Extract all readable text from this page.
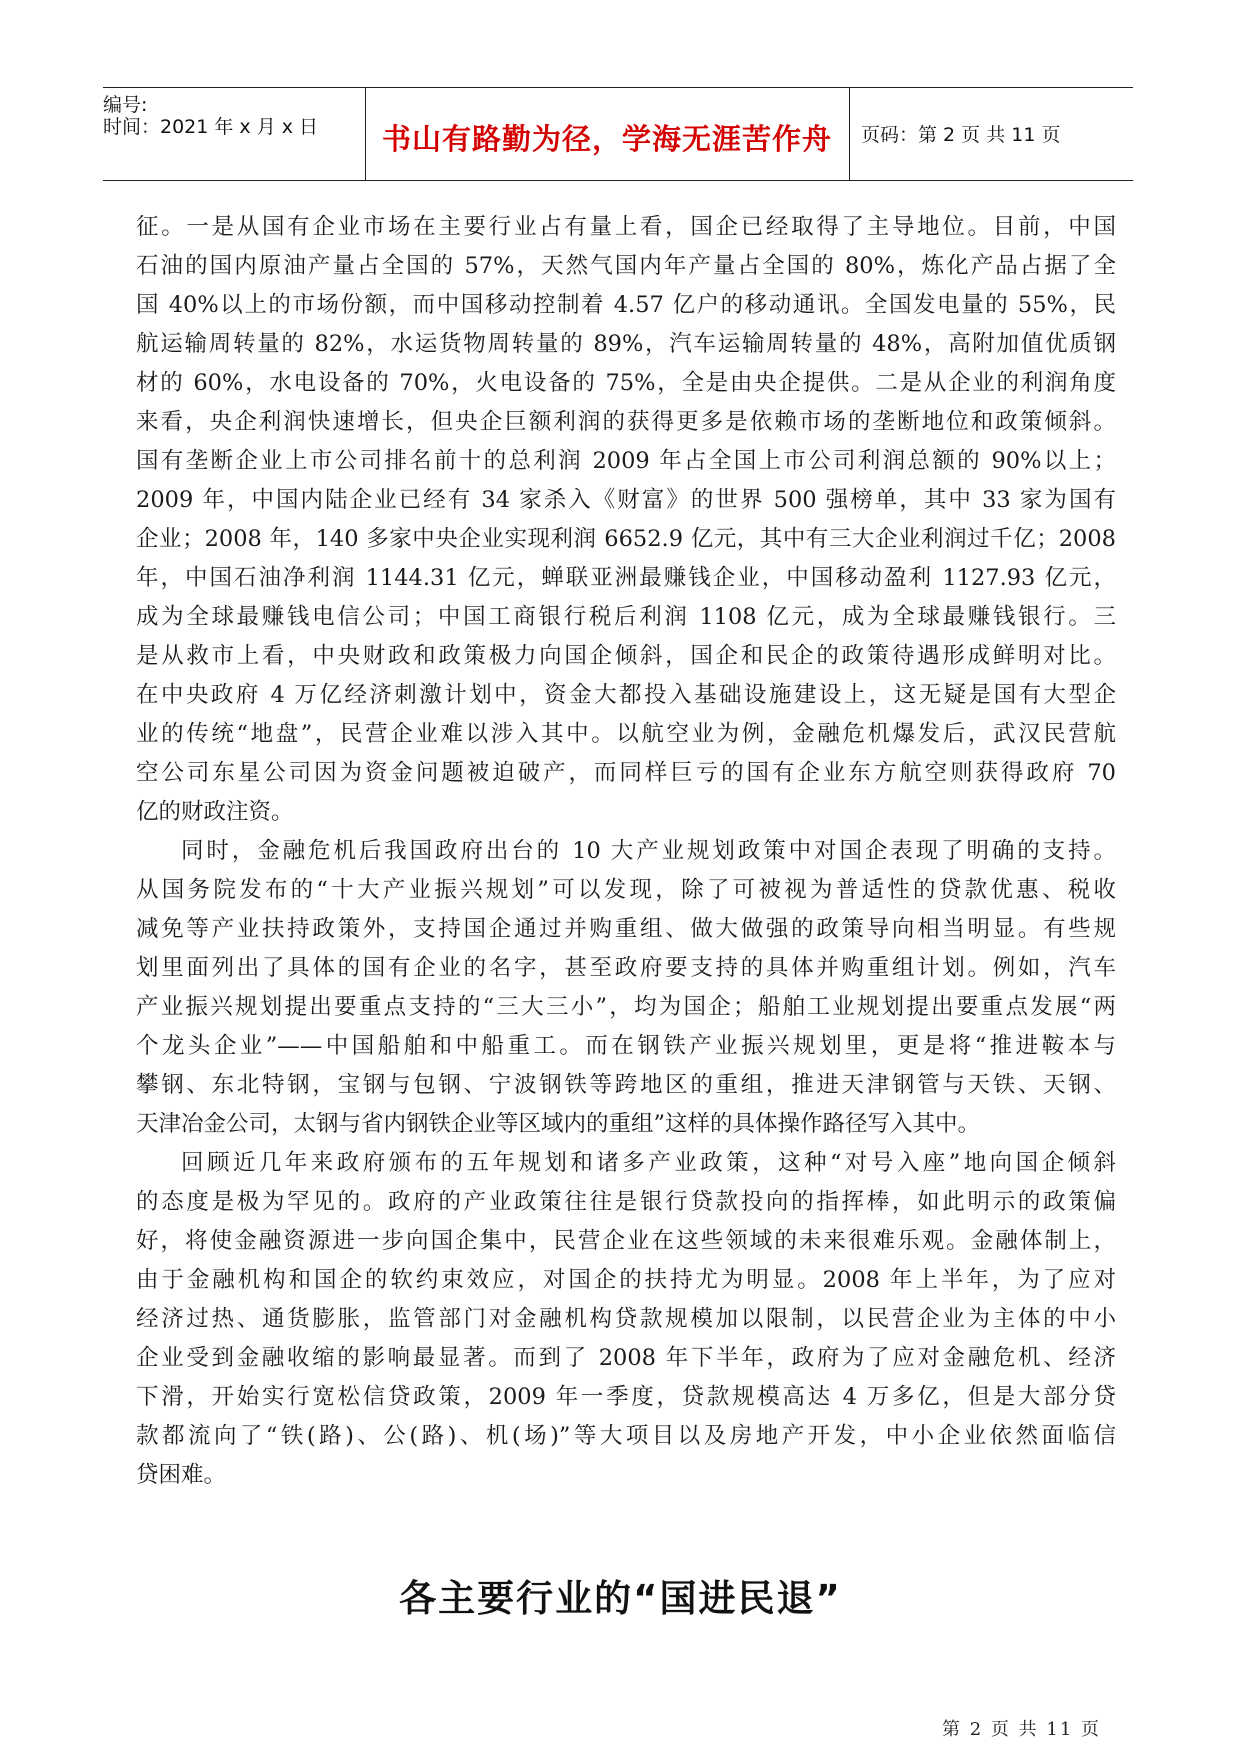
编号:
时间：2021 年 x 月 x 日	书山有路勤为径，学海无涯苦作舟	页码：第 2 页 共 11 页
征。一是从国有企业市场在主要行业占有量上看，国企已经取得了主导地位。目前，中国
石油的国内原油产量占全国的 57%，天然气国内年产量占全国的 80%，炼化产品占据了全
国 40%以上的市场份额，而中国移动控制着 4.57 亿户的移动通讯。全国发电量的 55%，民
航运输周转量的 82%，水运货物周转量的 89%，汽车运输周转量的 48%，高附加值优质钢
材的 60%，水电设备的 70%，火电设备的 75%，全是由央企提供。二是从企业的利润角度
来看，央企利润快速增长，但央企巨额利润的获得更多是依赖市场的垄断地位和政策倾斜。
国有垄断企业上市公司排名前十的总利润 2009 年占全国上市公司利润总额的 90%以上；
2009 年，中国内陆企业已经有 34 家杀入《财富》的世界 500 强榜单，其中 33 家为国有
企业；2008 年，140 多家中央企业实现利润 6652.9 亿元，其中有三大企业利润过千亿；2008
年，中国石油净利润 1144.31 亿元，蝉联亚洲最赚钱企业，中国移动盈利 1127.93 亿元，
成为全球最赚钱电信公司；中国工商银行税后利润 1108 亿元，成为全球最赚钱银行。三
是从救市上看，中央财政和政策极力向国企倾斜，国企和民企的政策待遇形成鲜明对比。
在中央政府 4 万亿经济刺激计划中，资金大都投入基础设施建设上，这无疑是国有大型企
业的传统“地盘”，民营企业难以涉入其中。以航空业为例，金融危机爆发后，武汉民营航
空公司东星公司因为资金问题被迫破产，而同样巨亏的国有企业东方航空则获得政府 70
亿的财政注资。
同时，金融危机后我国政府出台的 10 大产业规划政策中对国企表现了明确的支持。
从国务院发布的“十大产业振兴规划”可以发现，除了可被视为普适性的贷款优惠、税收
减免等产业扶持政策外，支持国企通过并购重组、做大做强的政策导向相当明显。有些规
划里面列出了具体的国有企业的名字，甚至政府要支持的具体并购重组计划。例如，汽车
产业振兴规划提出要重点支持的“三大三小”，均为国企；船舶工业规划提出要重点发展“两
个龙头企业”——中国船舶和中船重工。而在钢铁产业振兴规划里，更是将“推进鞍本与
攀钢、东北特钢，宝钢与包钢、宁波钢铁等跨地区的重组，推进天津钢管与天铁、天钢、
天津冶金公司，太钢与省内钢铁企业等区域内的重组”这样的具体操作路径写入其中。
回顾近几年来政府颁布的五年规划和诸多产业政策，这种“对号入座”地向国企倾斜
的态度是极为罕见的。政府的产业政策往往是银行贷款投向的指挥棒，如此明示的政策偏
好，将使金融资源进一步向国企集中，民营企业在这些领域的未来很难乐观。金融体制上，
由于金融机构和国企的软约束效应，对国企的扶持尤为明显。2008 年上半年，为了应对
经济过热、通货膨胀，监管部门对金融机构贷款规模加以限制，以民营企业为主体的中小
企业受到金融收缩的影响最显著。而到了 2008 年下半年，政府为了应对金融危机、经济
下滑，开始实行宽松信贷政策，2009 年一季度，贷款规模高达 4 万多亿，但是大部分贷
款都流向了“铁(路)、公(路)、机(场)”等大项目以及房地产开发，中小企业依然面临信
贷困难。
各主要行业的“国进民退”
第 2 页 共 11 页
